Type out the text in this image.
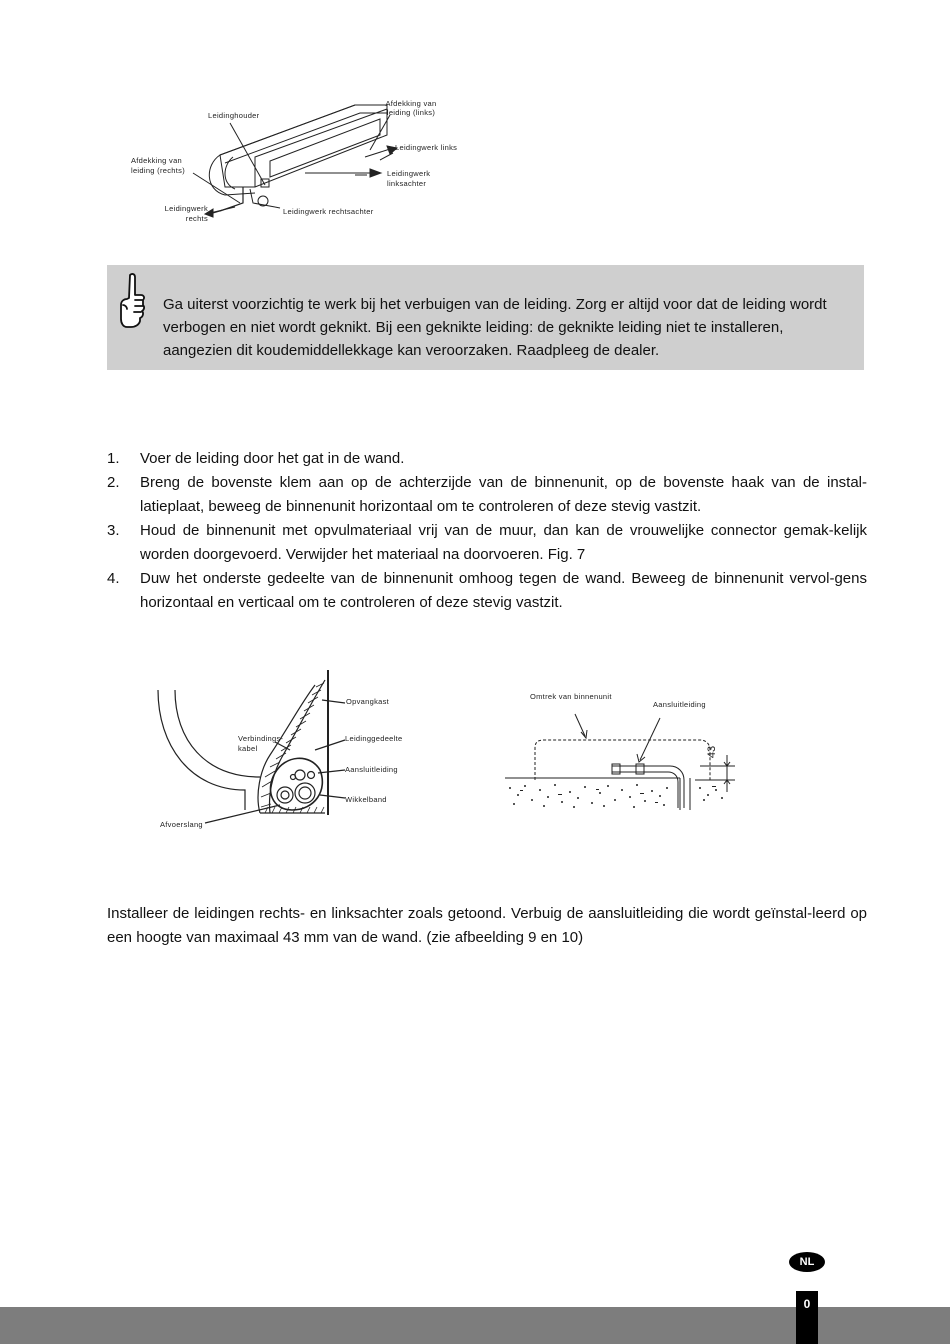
Leidinghouder
Afdekking van
leiding (links)
Leidingwerk links
Afdekking van
leiding (rechts)	Leidingwerk
linksachter
Leidingwerk
rechts
Leidingwerk rechtsachter
Ga uiterst voorzichtig te werk bij het verbuigen van de leiding. Zorg er altijd voor dat de leiding wordt verbogen en niet wordt geknikt. Bij een geknikte leiding: de geknikte leiding niet te installeren, aangezien dit koudemiddellekkage kan veroorzaken. Raadpleeg de dealer.
1. Voer de leiding door het gat in de wand.
2. Breng de bovenste klem aan op de achterzijde van de binnenunit, op de bovenste haak van de instal-latieplaat, beweeg de binnenunit horizontaal om te controleren of deze stevig vastzit.
3. Houd de binnenunit met opvulmateriaal vrij van de muur, dan kan de vrouwelijke connector gemak-kelijk worden doorgevoerd. Verwijder het materiaal na doorvoeren. Fig. 7
4. Duw het onderste gedeelte van de binnenunit omhoog tegen de wand. Beweeg de binnenunit vervol-gens horizontaal en verticaal om te controleren of deze stevig vastzit.
Opvangkast
Verbindings-
kabel
Leidinggedeelte
Aansluitleiding
Wikkelband
Afvoerslang
Omtrek van binnenunit
Aansluitleiding
43
Installeer de leidingen rechts- en linksachter zoals getoond. Verbuig de aansluitleiding die wordt geïnstal-leerd op een hoogte van maximaal 43 mm van de wand. (zie afbeelding 9 en 10)
NL
0
